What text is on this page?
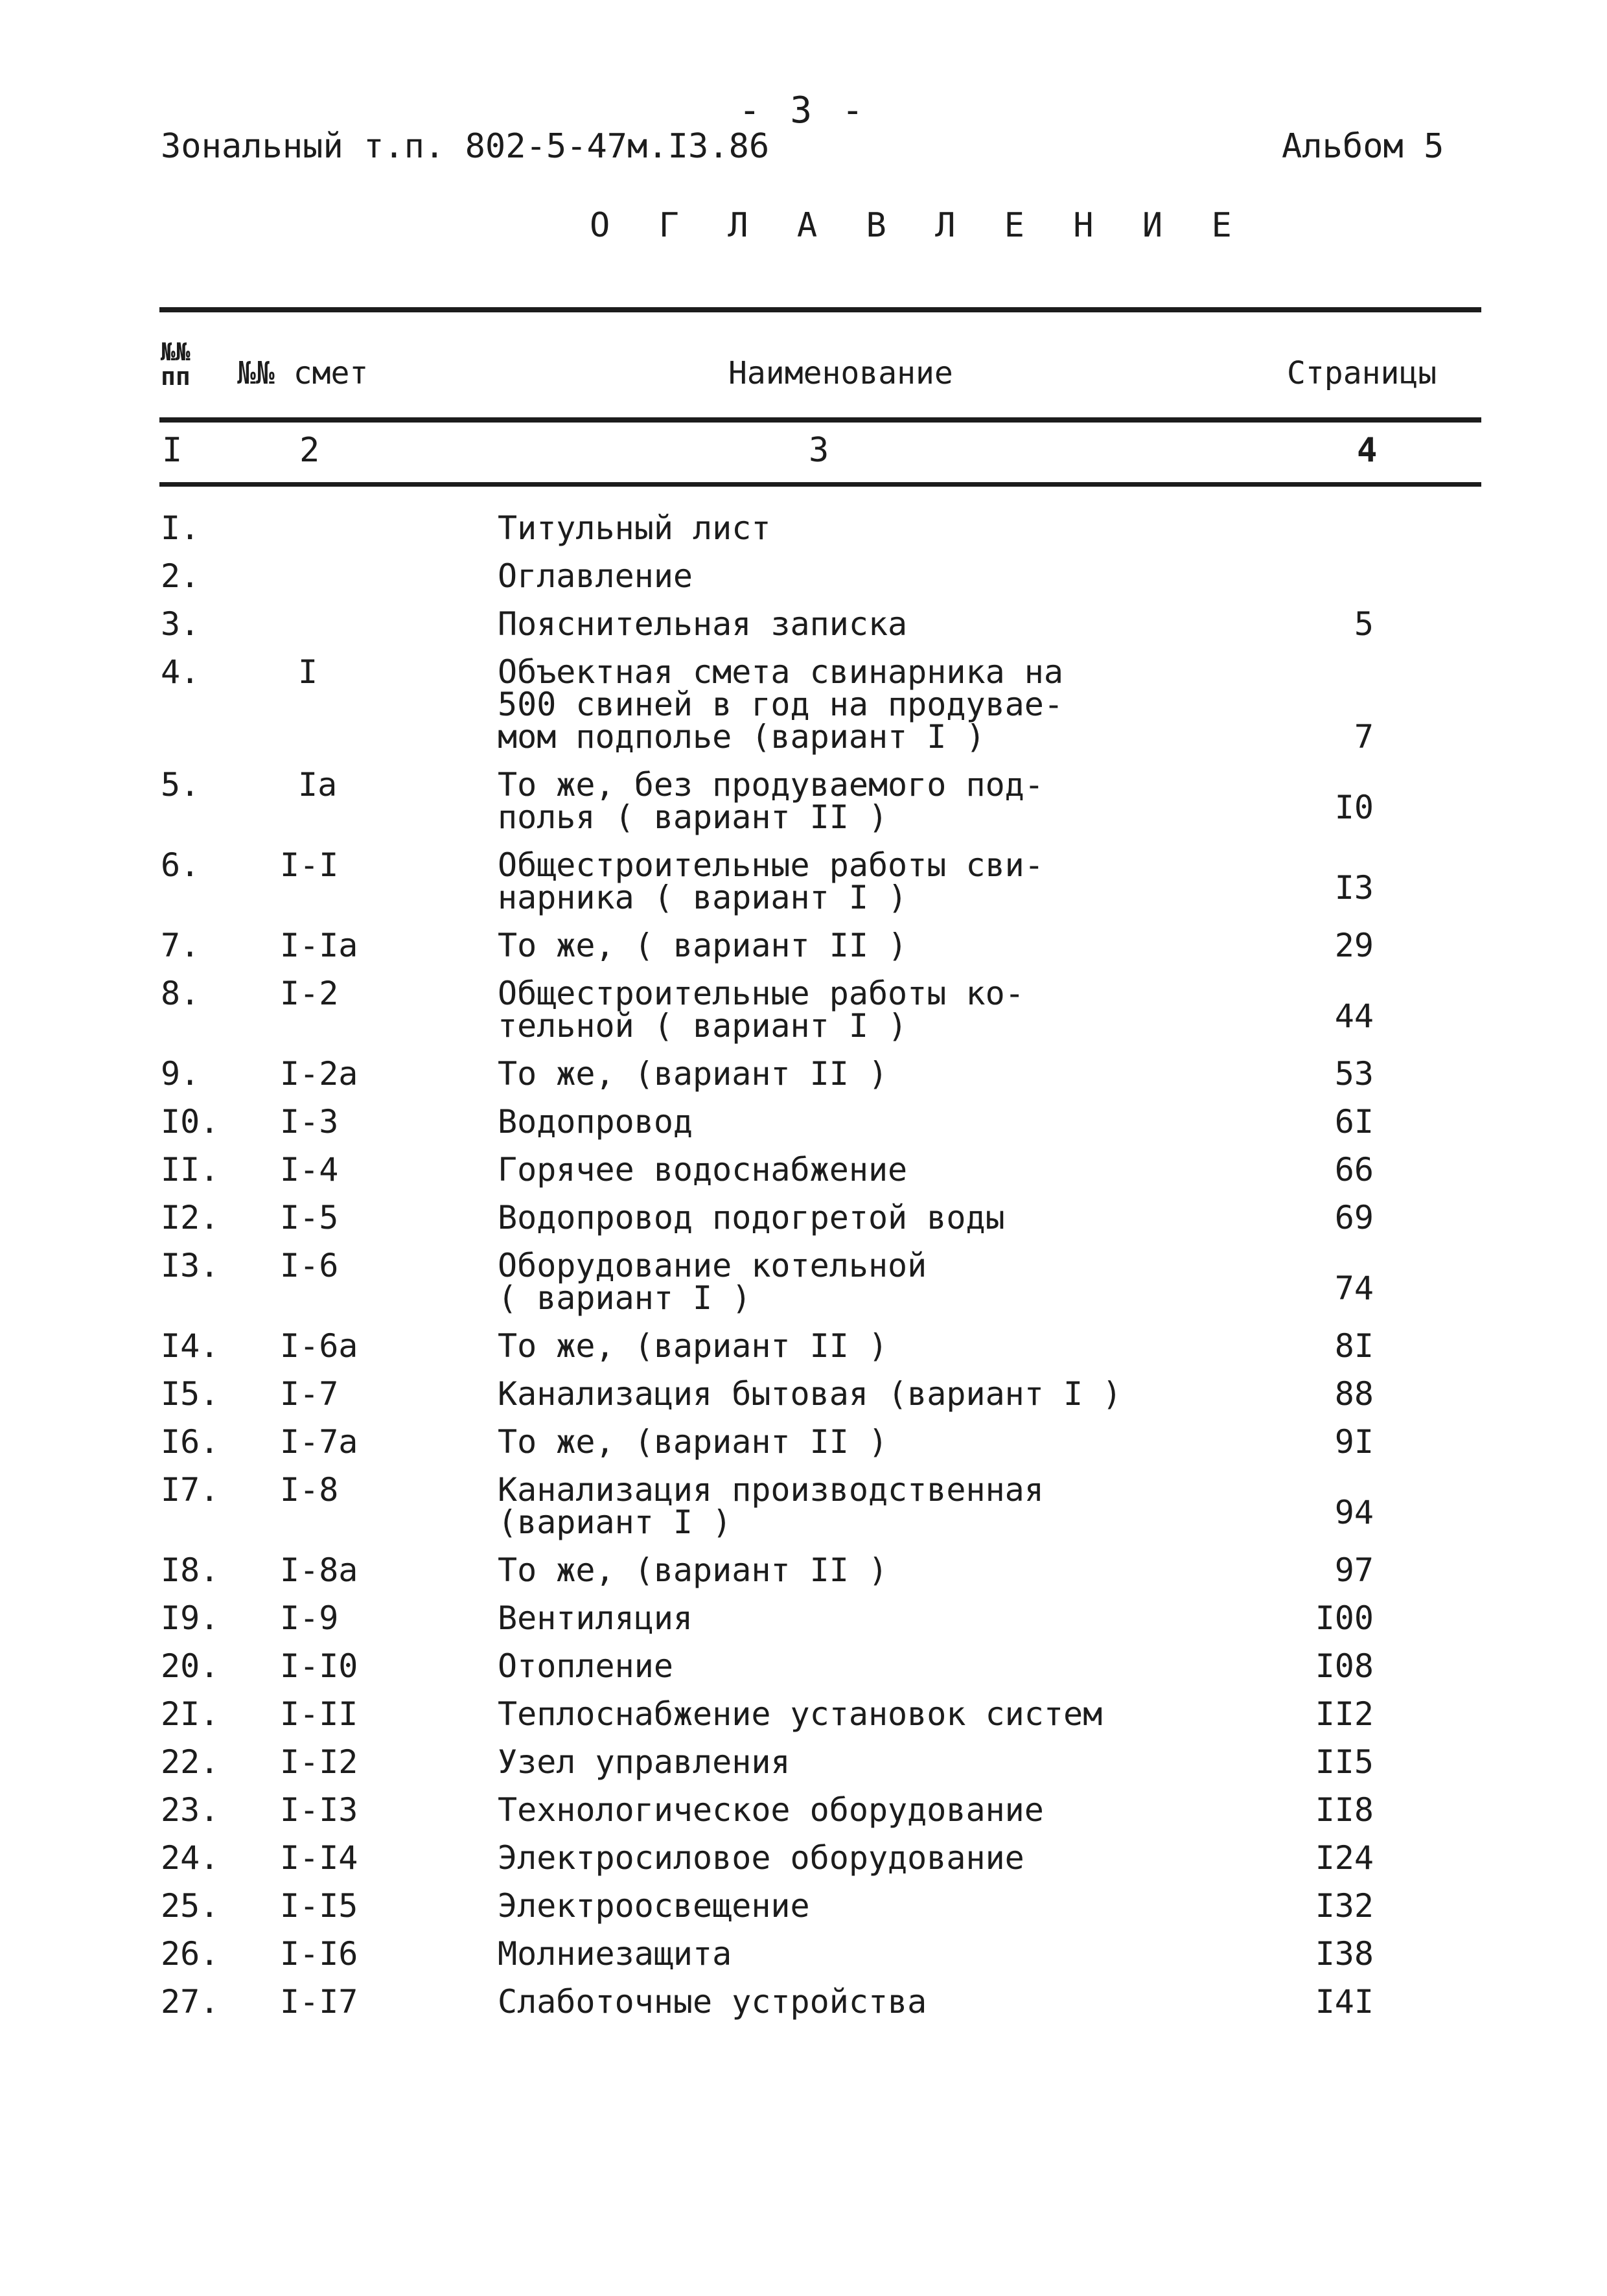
- 3 -
Зональный т.п. 802-5-47м.I3.86	Альбом 5
О Г Л А В Л Е Н И Е
№№
пп	№№ смет	Наименование	Страницы
I	2	3	4
I.	Титульный лист
2.	Оглавление
3.	Пояснительная записка	5
4.	I	Объектная смета свинарника на
500 свиней в год на продувае-
мом подполье (вариант I )	7
5.	Iа	То же, без продуваемого под-
полья ( вариант II )	I0
6. I-I	Общестроительные работы сви-
нарника ( вариант I )	I3
7. I-Iа	То же, ( вариант II )	29
8. I-2	Общестроительные работы ко-
тельной ( вариант I )	44
9. I-2а	То же, (вариант II )	53
I0. I-3	Водопровод	6I
II. I-4	Горячее водоснабжение	66
I2. I-5	Водопровод подогретой воды	69
I3. I-6	Оборудование котельной
( вариант I )	74
I4. I-6а	То же, (вариант II )	8I
I5. I-7	Канализация бытовая (вариант I )	88
I6. I-7а	То же, (вариант II )	9I
I7. I-8	Канализация производственная
(вариант I )	94
I8. I-8а	То же, (вариант II )	97
I9. I-9	Вентиляция	I00
20. I-I0	Отопление	I08
2I. I-II	Теплоснабжение установок систем	II2
22. I-I2	Узел управления	II5
23. I-I3	Технологическое оборудование	II8
24. I-I4	Электросиловое оборудование	I24
25. I-I5	Электроосвещение	I32
26. I-I6	Молниезащита	I38
27. I-I7	Слаботочные устройства	I4I
